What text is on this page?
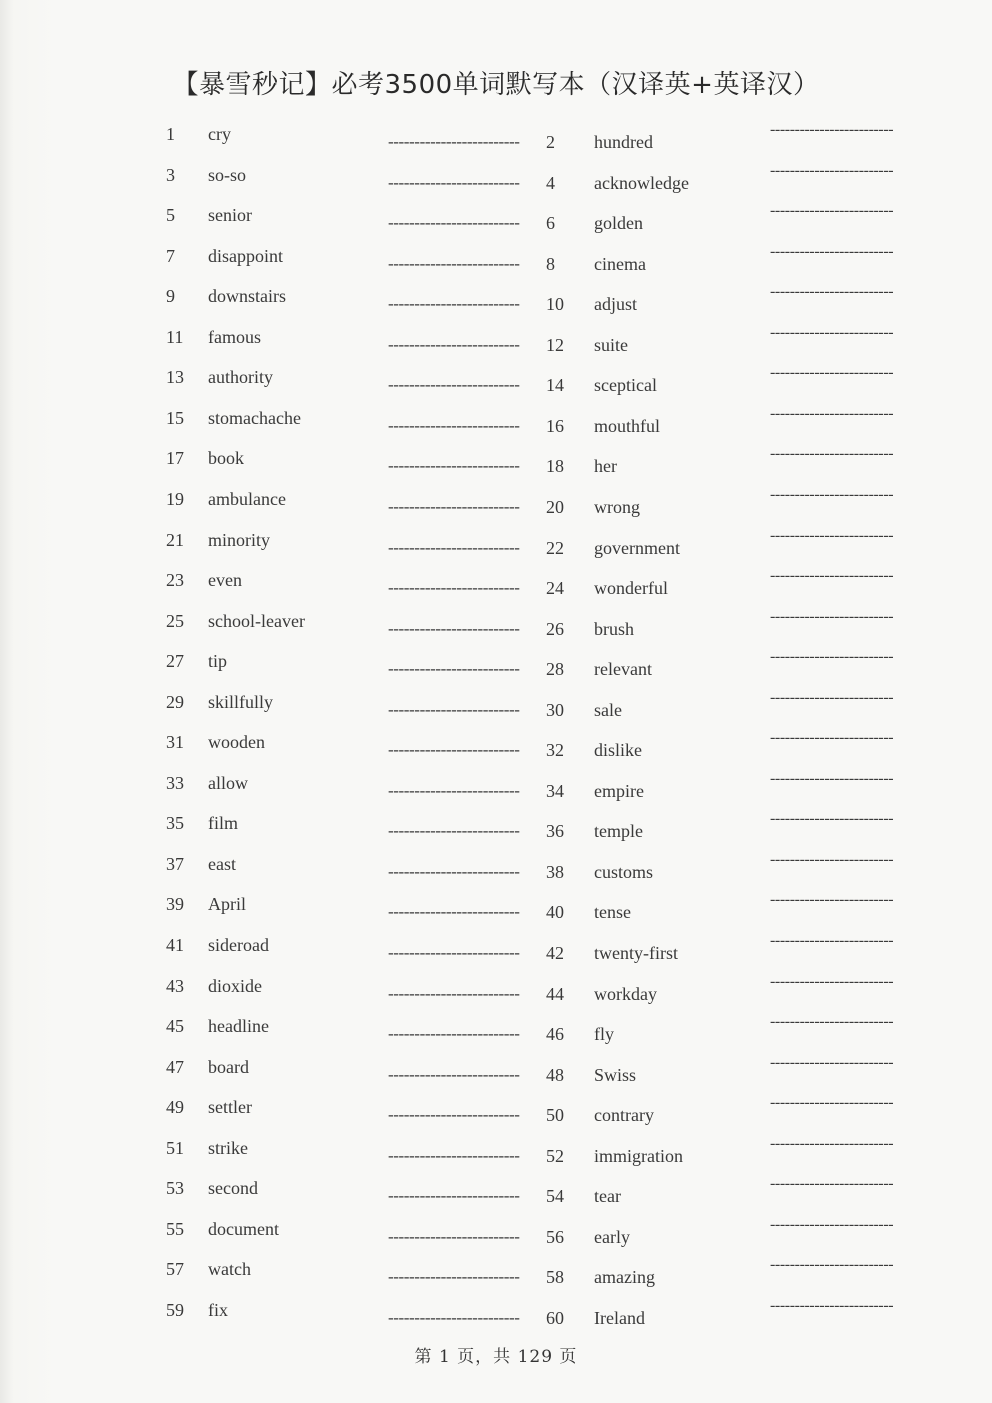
【暴雪秒记】必考3500单词默写本（汉译英+英译汉）
1 cry	------------------------- 2 hundred
-------------------------
3 so-so	------------------------- 4 acknowledge
-------------------------
5 senior	------------------------- 6 golden
-------------------------
7 disappoint	------------------------- 8 cinema
-------------------------
9 downstairs	------------------------- 10 adjust
-------------------------
11 famous	------------------------- 12 suite
-------------------------
13 authority	------------------------- 14 sceptical
-------------------------
15 stomachache	------------------------- 16 mouthful
-------------------------
17 book	------------------------- 18 her
-------------------------
19 ambulance	------------------------- 20 wrong
-------------------------
21 minority	------------------------- 22 government
-------------------------
23 even	------------------------- 24 wonderful
-------------------------
25 school-leaver	------------------------- 26 brush
-------------------------
27 tip	------------------------- 28 relevant
-------------------------
29 skillfully	------------------------- 30 sale
-------------------------
31 wooden	------------------------- 32 dislike
-------------------------
33 allow	------------------------- 34 empire
-------------------------
35 film	------------------------- 36 temple
-------------------------
37 east	------------------------- 38 customs
-------------------------
39 April	------------------------- 40 tense
-------------------------
41 sideroad	------------------------- 42 twenty-first
-------------------------
43 dioxide	------------------------- 44 workday
-------------------------
45 headline	------------------------- 46 fly
-------------------------
47 board	------------------------- 48 Swiss
-------------------------
49 settler	------------------------- 50 contrary
-------------------------
51 strike	------------------------- 52 immigration
-------------------------
53 second	------------------------- 54 tear
-------------------------
55 document	------------------------- 56 early
-------------------------
57 watch	------------------------- 58 amazing
-------------------------
59 fix	------------------------- 60 Ireland
-------------------------
第 1 页，共 129 页
